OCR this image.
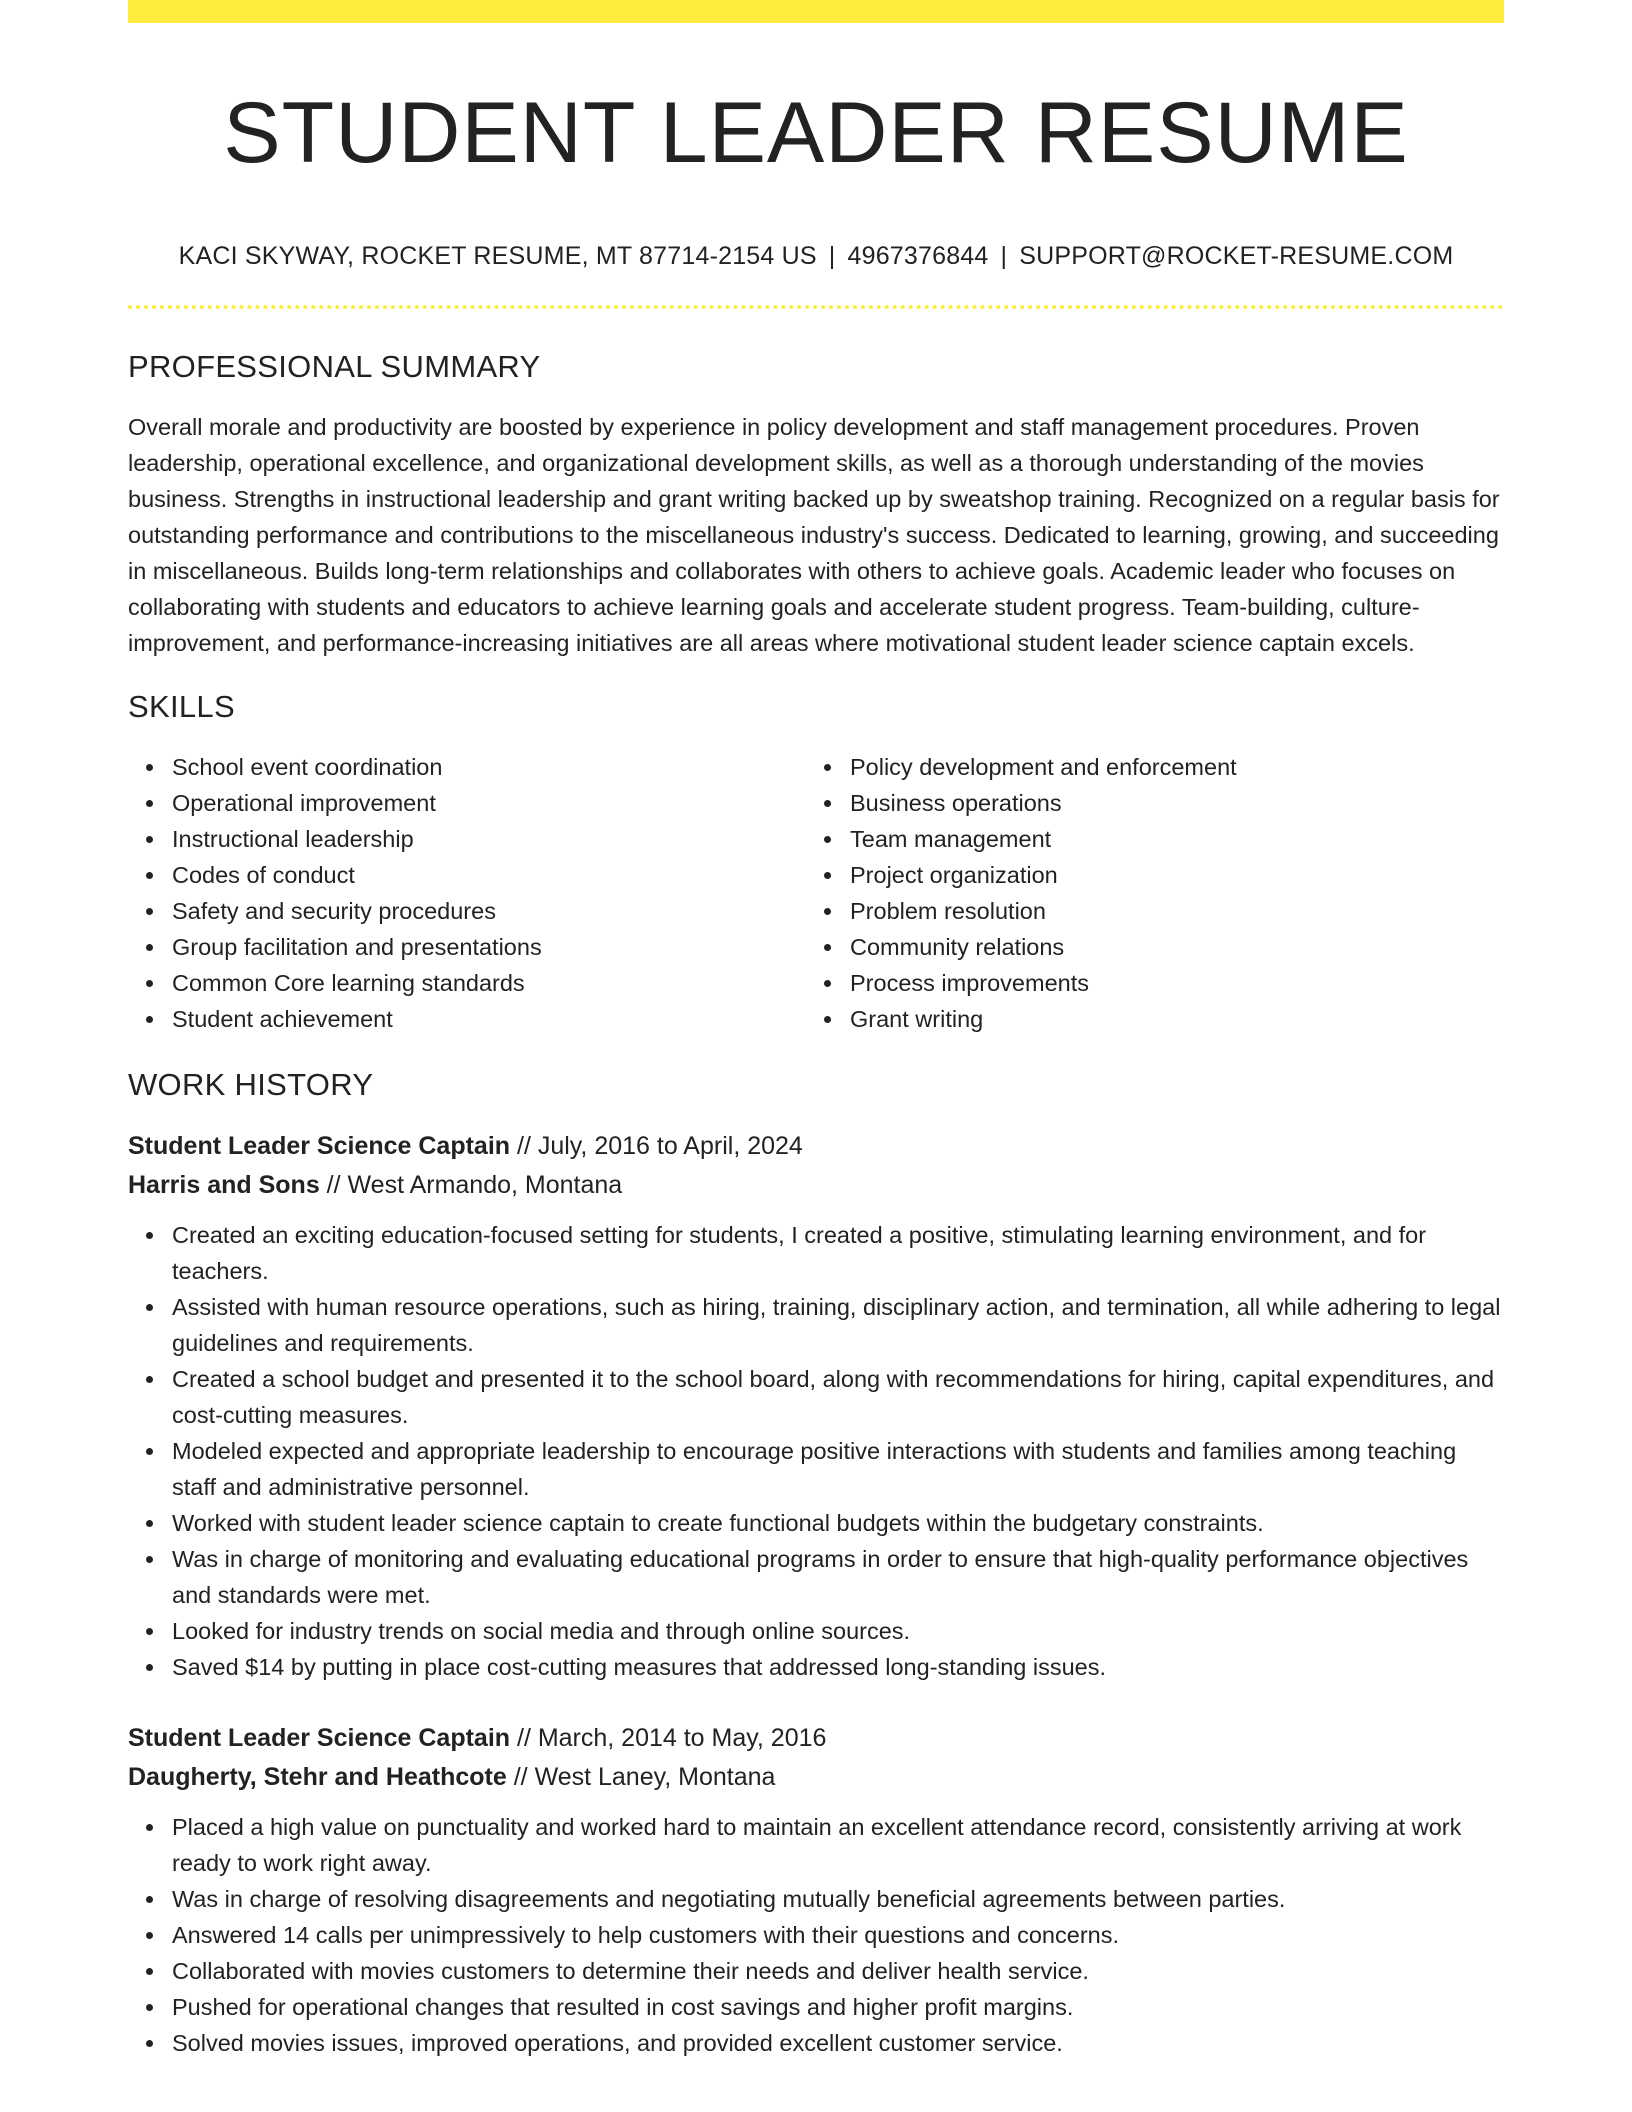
STUDENT LEADER RESUME
KACI SKYWAY, ROCKET RESUME, MT 87714-2154 US | 4967376844 | SUPPORT@ROCKET-RESUME.COM
PROFESSIONAL SUMMARY

Overall morale and productivity are boosted by experience in policy development and staff management procedures. Proven leadership, operational excellence, and organizational development skills, as well as a thorough understanding of the movies business. Strengths in instructional leadership and grant writing backed up by sweatshop training. Recognized on a regular basis for outstanding performance and contributions to the miscellaneous industry's success. Dedicated to learning, growing, and succeeding in miscellaneous. Builds long-term relationships and collaborates with others to achieve goals. Academic leader who focuses on collaborating with students and educators to achieve learning goals and accelerate student progress. Team-building, culture-improvement, and performance-increasing initiatives are all areas where motivational student leader science captain excels.

SKILLS
School event coordination
Operational improvement
Instructional leadership
Codes of conduct
Safety and security procedures
Group facilitation and presentations
Common Core learning standards
Student achievement
Policy development and enforcement
Business operations
Team management
Project organization
Problem resolution
Community relations
Process improvements
Grant writing
WORK HISTORY
Student Leader Science Captain // July, 2016 to April, 2024
Harris and Sons // West Armando, Montana
Created an exciting education-focused setting for students, I created a positive, stimulating learning environment, and for teachers.
Assisted with human resource operations, such as hiring, training, disciplinary action, and termination, all while adhering to legal guidelines and requirements.
Created a school budget and presented it to the school board, along with recommendations for hiring, capital expenditures, and cost-cutting measures.
Modeled expected and appropriate leadership to encourage positive interactions with students and families among teaching staff and administrative personnel.
Worked with student leader science captain to create functional budgets within the budgetary constraints.
Was in charge of monitoring and evaluating educational programs in order to ensure that high-quality performance objectives and standards were met.
Looked for industry trends on social media and through online sources.
Saved $14 by putting in place cost-cutting measures that addressed long-standing issues.
Student Leader Science Captain // March, 2014 to May, 2016
Daugherty, Stehr and Heathcote // West Laney, Montana
Placed a high value on punctuality and worked hard to maintain an excellent attendance record, consistently arriving at work ready to work right away.
Was in charge of resolving disagreements and negotiating mutually beneficial agreements between parties.
Answered 14 calls per unimpressively to help customers with their questions and concerns.
Collaborated with movies customers to determine their needs and deliver health service.
Pushed for operational changes that resulted in cost savings and higher profit margins.
Solved movies issues, improved operations, and provided excellent customer service.
